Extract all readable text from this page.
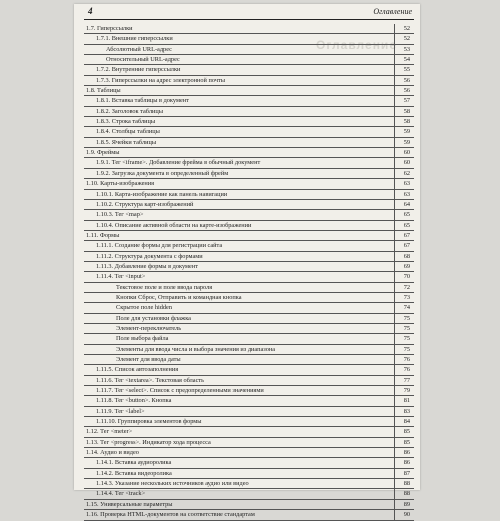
4	Оглавление
Оглавление
1.7. Гиперссылки	52
1.7.1. Внешние гиперссылки	52
Абсолютный URL-адрес	53
Относительный URL-адрес	54
1.7.2. Внутренние гиперссылки	55
1.7.3. Гиперссылки на адрес электронной почты	56
1.8. Таблицы	56
1.8.1. Вставка таблицы в документ	57
1.8.2. Заголовок таблицы	58
1.8.3. Строка таблицы	58
1.8.4. Столбцы таблицы	59
1.8.5. Ячейки таблицы	59
1.9. Фреймы	60
1.9.1. Тег <iframe>. Добавление фрейма в обычный документ	60
1.9.2. Загрузка документа в определенный фрейм	62
1.10. Карты-изображения	63
1.10.1. Карта-изображение как панель навигации	63
1.10.2. Структура карт-изображений	64
1.10.3. Тег <map>	65
1.10.4. Описание активной области на карте-изображении	65
1.11. Формы	67
1.11.1. Создание формы для регистрации сайта	67
1.11.2. Структура документа с формами	68
1.11.3. Добавление формы в документ	69
1.11.4. Тег <input>	70
Текстовое поле и поле ввода пароля	72
Кнопки Сброс, Отправить и командная кнопка	73
Скрытое поле hidden	74
Поле для установки флажка	75
Элемент-переключатель	75
Поле выбора файла	75
Элементы для ввода числа и выбора значения из диапазона	75
Элемент для ввода даты	76
1.11.5. Список автозаполнения	76
1.11.6. Тег <textarea>. Текстовая область	77
1.11.7. Тег <select>. Список с предопределенными значениями	79
1.11.8. Тег <button>. Кнопка	81
1.11.9. Тег <label>	83
1.11.10. Группировка элементов формы	84
1.12. Тег <meter>	85
1.13. Тег <progress>. Индикатор хода процесса	85
1.14. Аудио и видео	86
1.14.1. Вставка аудиоролика	86
1.14.2. Вставка видеоролика	87
1.14.3. Указание нескольких источников аудио или видео	88
1.14.4. Тег <track>	88
1.15. Универсальные параметры	89
1.16. Проверка HTML-документов на соответствие стандартам	90
